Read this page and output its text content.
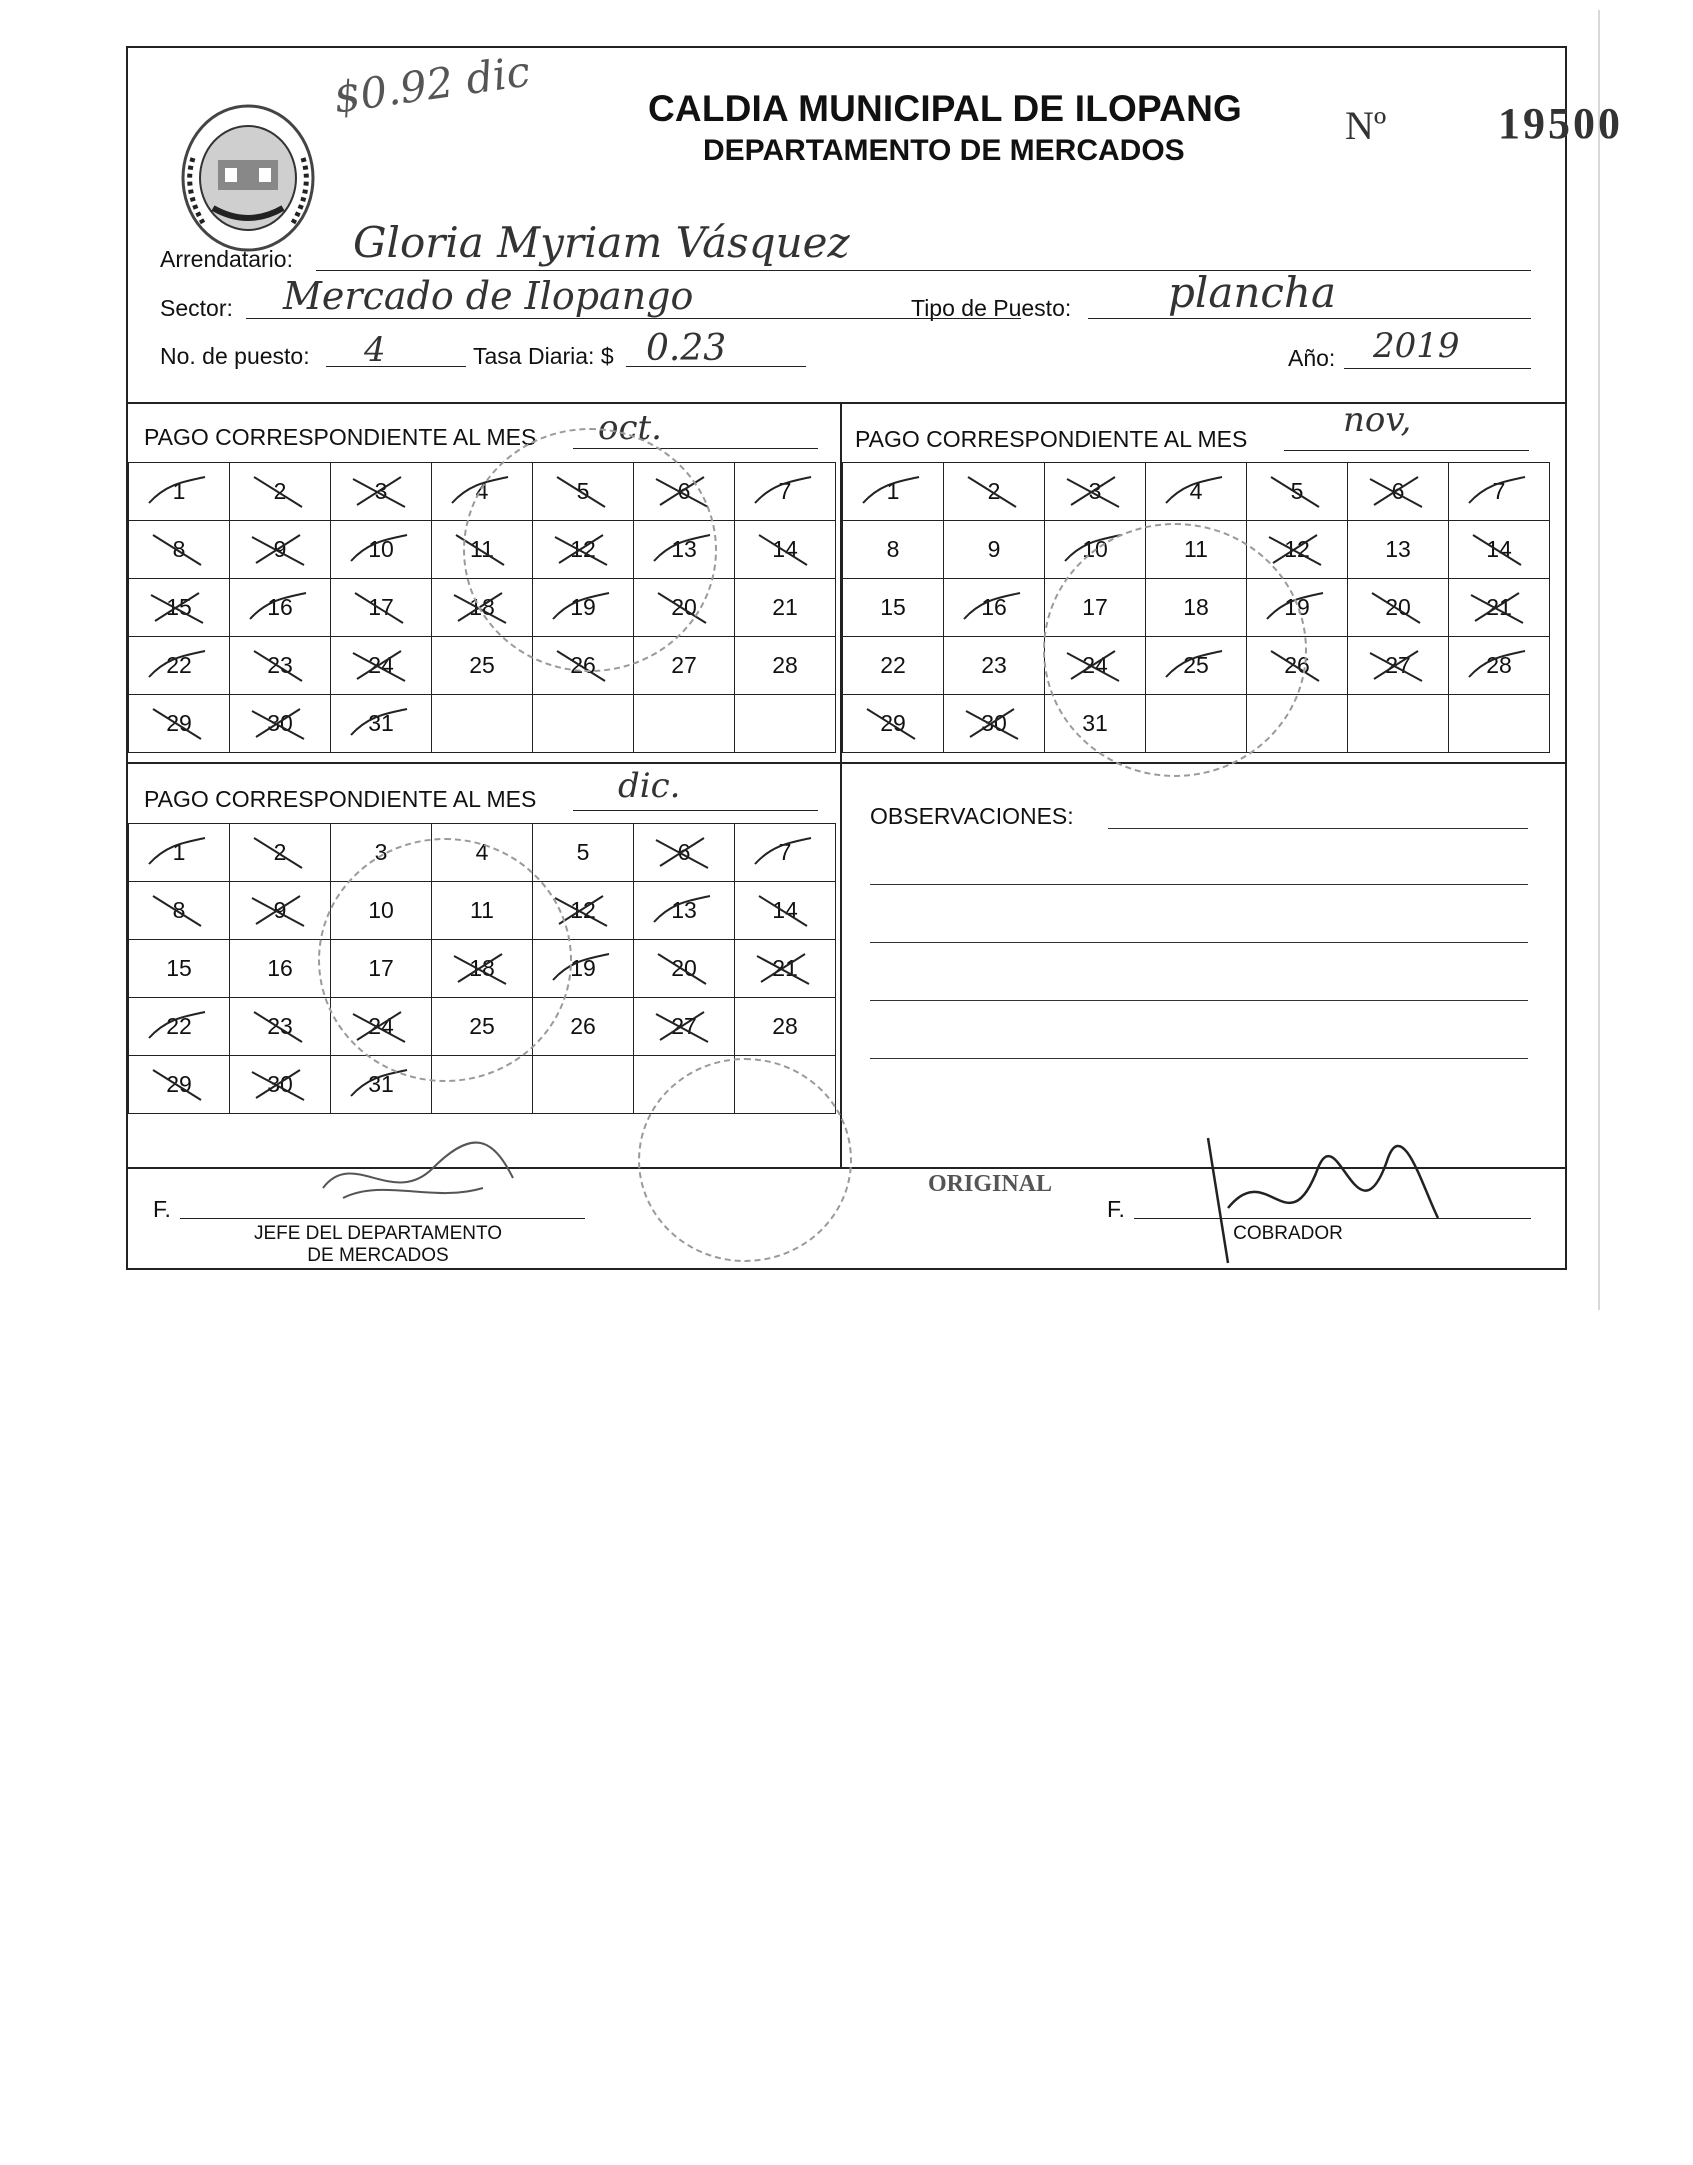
$0.92 dic	CALDIA MUNICIPAL DE ILOPANG
DEPARTAMENTO DE MERCADOS
Nº	19500
Arrendatario: Gloria Myriam Vásquez
Sector: Mercado de Ilopango	Tipo de Puesto: plancha
No. de puesto: 4	Tasa Diaria: $ 0.23	Año: 2019
PAGO CORRESPONDIENTE AL MES oct.
1	2	3	4	5	6	7

8	9	10	11	12	13	14

15	16	17	18	19	20	21
22	23	24	25	26	27	28
29	30	31

PAGO CORRESPONDIENTE AL MES	nov,
1	2	3	4	5	6	7

8	9	10	11	12	13	14

15	16	17	18	19	20	21

22	23	24	25	26	27	28

29	30	31				
PAGO CORRESPONDIENTE AL MES dic.
1	2	3	4	5	6	7

8	9	10	11	12	13	14

15	16	17	18	19	20	21

22	23	24	25	26	27	28
29	30	31

OBSERVACIONES:
ORIGINAL
F.
JEFE DEL DEPARTAMENTO
DE MERCADOS
F.
COBRADOR
